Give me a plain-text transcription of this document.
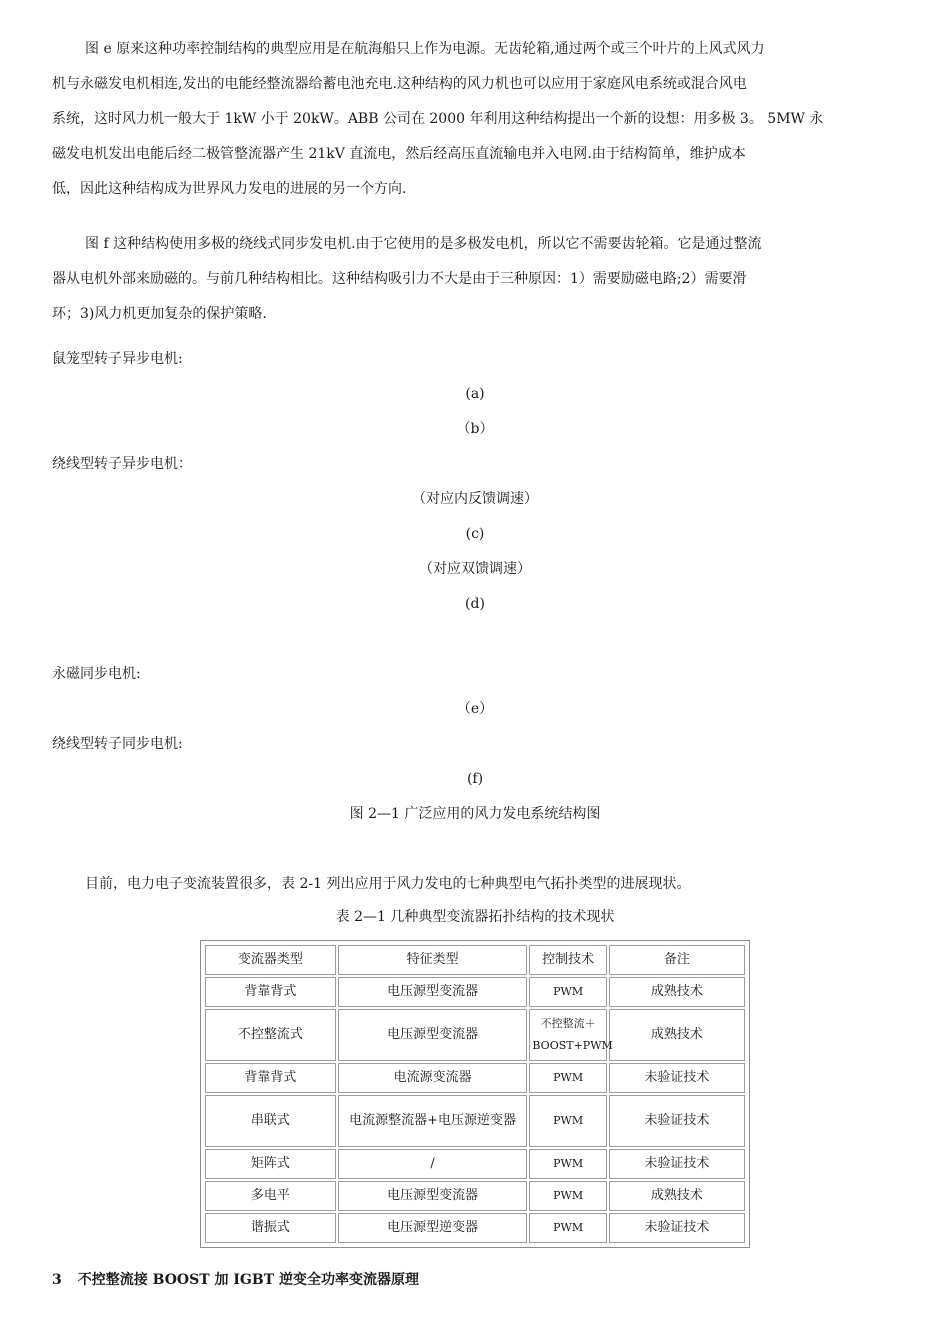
图 e 原来这种功率控制结构的典型应用是在航海船只上作为电源。无齿轮箱,通过两个或三个叶片的上风式风力
机与永磁发电机相连,发出的电能经整流器给蓄电池充电.这种结构的风力机也可以应用于家庭风电系统或混合风电
系统，这时风力机一般大于 1kW 小于 20kW。ABB 公司在 2000 年利用这种结构提出一个新的设想：用多极 3。 5MW 永
磁发电机发出电能后经二极管整流器产生 21kV 直流电，然后经高压直流输电并入电网.由于结构简单，维护成本
低，因此这种结构成为世界风力发电的进展的另一个方向.
图 f 这种结构使用多极的绕线式同步发电机.由于它使用的是多极发电机，所以它不需要齿轮箱。它是通过整流
器从电机外部来励磁的。与前几种结构相比。这种结构吸引力不大是由于三种原因：1）需要励磁电路;2）需要滑
环；3)风力机更加复杂的保护策略.
鼠笼型转子异步电机:
(a)
（b）
绕线型转子异步电机：
（对应内反馈调速）
(c)
（对应双馈调速）
(d)
永磁同步电机:
（e）
绕线型转子同步电机:
(f)
图 2—1 广泛应用的风力发电系统结构图
目前，电力电子变流装置很多，表 2-1 列出应用于风力发电的七种典型电气拓扑类型的进展现状。
表 2—1 几种典型变流器拓扑结构的技术现状
变流器类型	特征类型	控制技术	备注
背靠背式	电压源型变流器	PWM	成熟技术
不控整流式	电压源型变流器	不控整流＋BOOST+PWM	成熟技术
背靠背式	电流源变流器	PWM	未验证技术
串联式	电流源整流器+电压源逆变器	PWM	未验证技术
矩阵式	/	PWM	未验证技术
多电平	电压源型变流器	PWM	成熟技术
谐振式	电压源型逆变器	PWM	未验证技术
3 不控整流接 BOOST 加 IGBT 逆变全功率变流器原理
